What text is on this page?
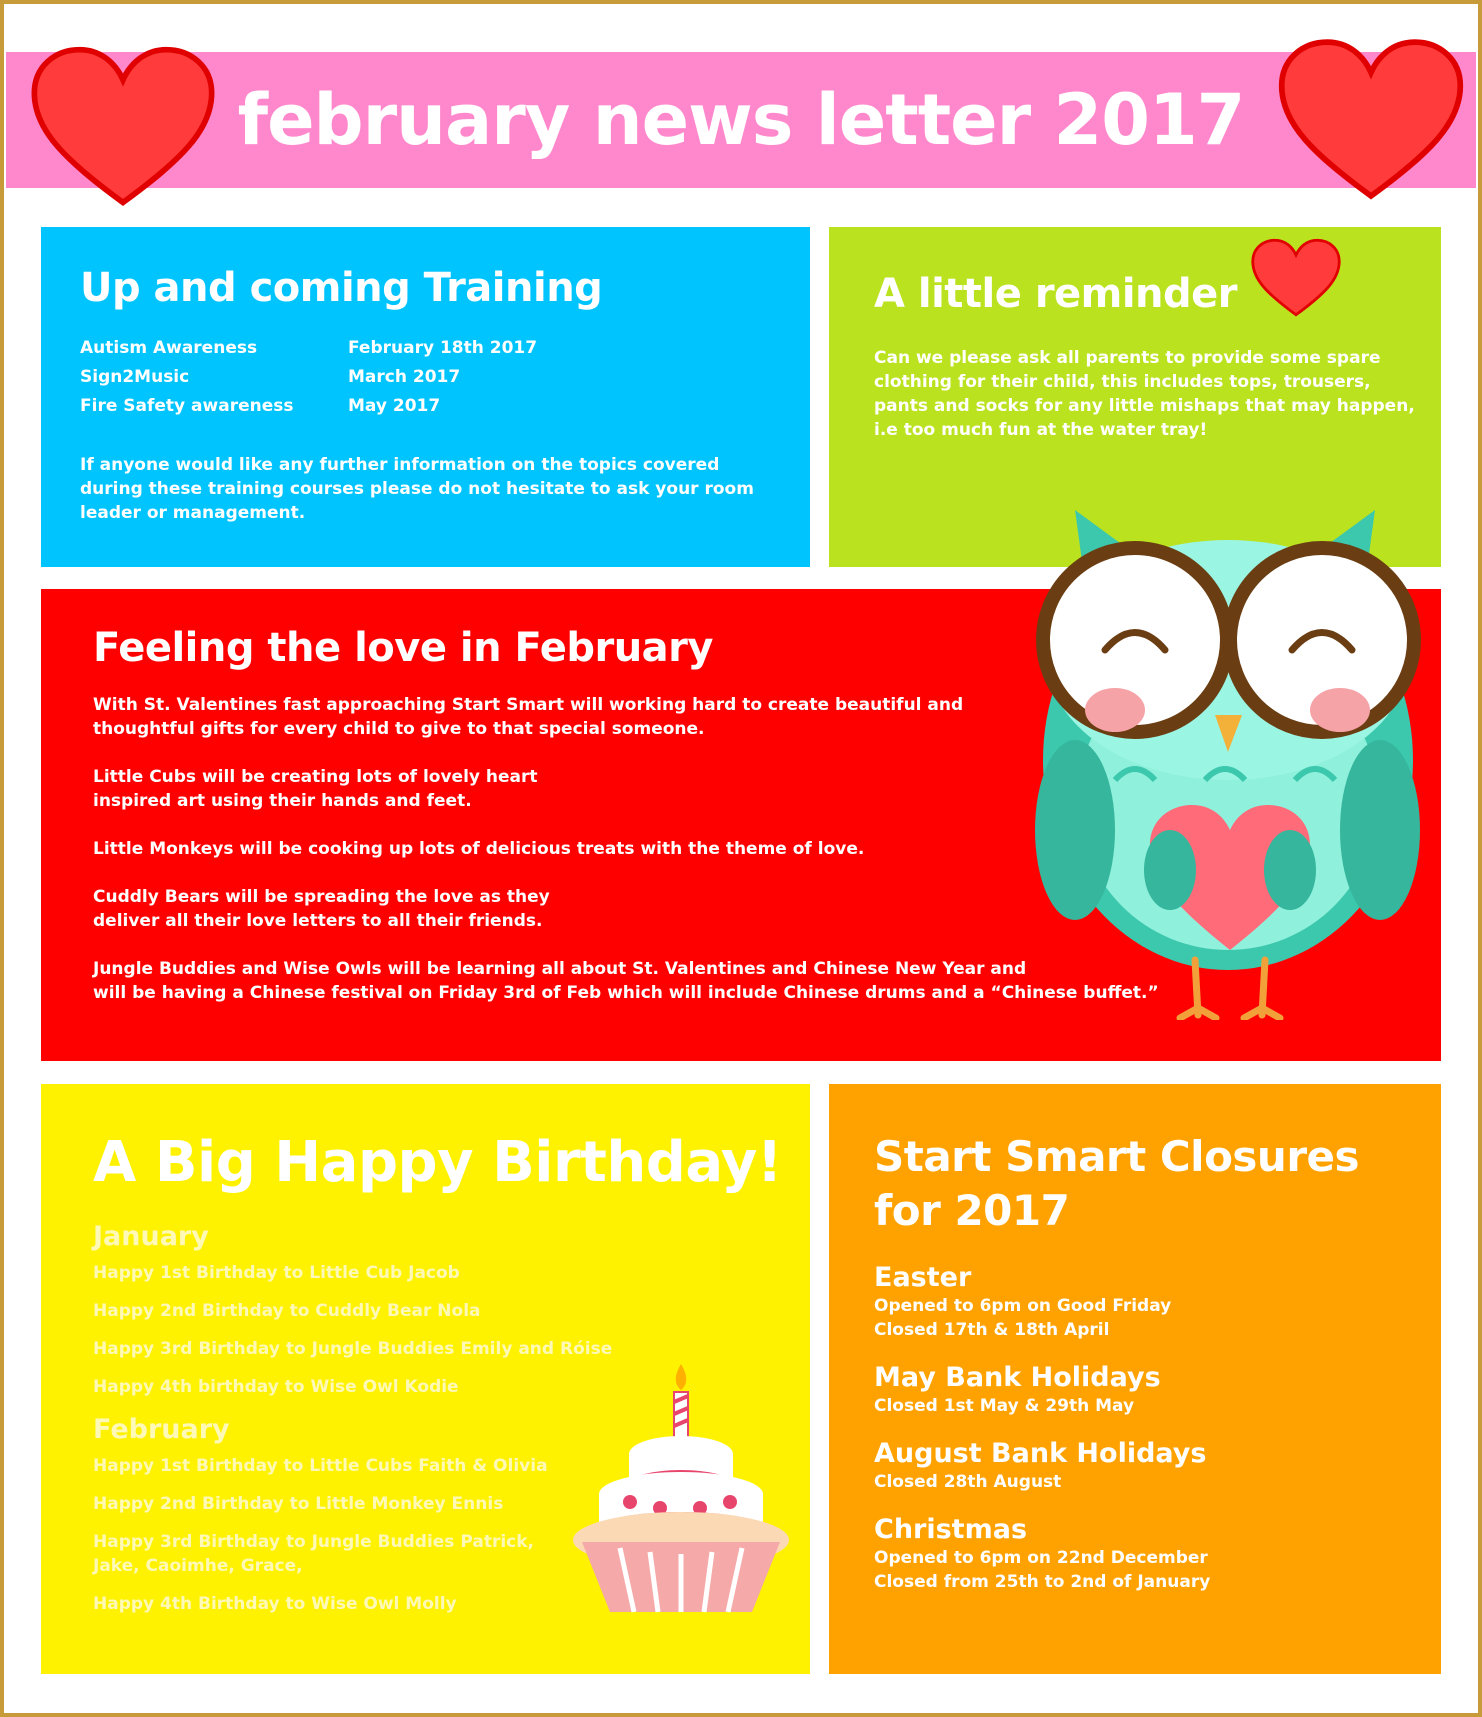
february news letter 2017
Up and coming Training
Autism Awareness	February 18th 2017
Sign2Music	March 2017
Fire Safety awareness	May 2017
If anyone would like any further information on the topics covered
during these training courses please do not hesitate to ask your room
leader or management.
A little reminder
Can we please ask all parents to provide some spare
clothing for their child, this includes tops, trousers,
pants and socks for any little mishaps that may happen,
i.e too much fun at the water tray!
Feeling the love in February
With St. Valentines fast approaching Start Smart will working hard to create beautiful and
thoughtful gifts for every child to give to that special someone.
Little Cubs will be creating lots of lovely heart
inspired art using their hands and feet.
Little Monkeys will be cooking up lots of delicious treats with the theme of love.
Cuddly Bears will be spreading the love as they
deliver all their love letters to all their friends.
Jungle Buddies and Wise Owls will be learning all about St. Valentines and Chinese New Year and
will be having a Chinese festival on Friday 3rd of Feb which will include Chinese drums and a “Chinese buffet.”
A Big Happy Birthday!
January
Happy 1st Birthday to Little Cub Jacob
Happy 2nd Birthday to Cuddly Bear Nola
Happy 3rd Birthday to Jungle Buddies Emily and Róise
Happy 4th birthday to Wise Owl Kodie
February
Happy 1st Birthday to Little Cubs Faith & Olivia
Happy 2nd Birthday to Little Monkey Ennis
Happy 3rd Birthday to Jungle Buddies Patrick,
Jake, Caoimhe, Grace,
Happy 4th Birthday to Wise Owl Molly
Start Smart Closures
for 2017
Easter
Opened to 6pm on Good Friday
Closed 17th & 18th April
May Bank Holidays
Closed 1st May & 29th May
August Bank Holidays
Closed 28th August
Christmas
Opened to 6pm on 22nd December
Closed from 25th to 2nd of January
